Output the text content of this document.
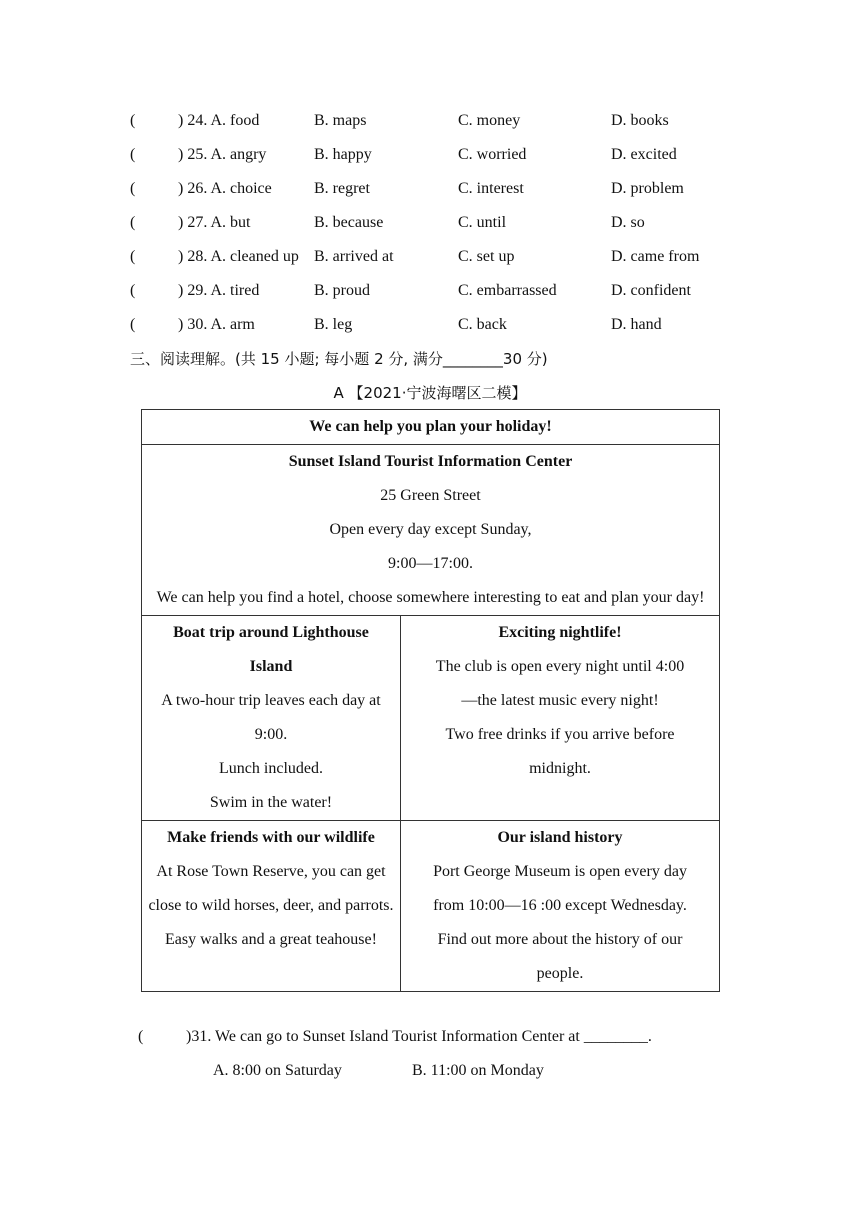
(	) 24. A. food	B. maps	C. money	D. books
(	) 25. A. angry	B. happy	C. worried	D. excited
(	) 26. A. choice	B. regret	C. interest	D. problem
(	) 27. A. but	B. because	C. until	D. so
(	) 28. A. cleaned up B. arrived at	C. set up	D. came from
(	) 29. A. tired	B. proud	C. embarrassed	D. confident
(	) 30. A. arm	B. leg	C. back	D. hand
三、阅读理解。(共 15 小题; 每小题 2 分, 满分________30 分)
A 【2021·宁波海曙区二模】
We can help you plan your holiday!	

Sunset Island Tourist Information Center
25 Green Street
Open every day except Sunday,
9:00—17:00.
We can help you find a hotel, choose somewhere interesting to eat and plan your day!	

Boat trip around Lighthouse Island
A two-hour trip leaves each day at 9:00.
Lunch included.
Swim in the water!	Exciting nightlife!
The club is open every night until 4:00—the latest music every night!
Two free drinks if you arrive before midnight.

Make friends with our wildlife
At Rose Town Reserve, you can get close to wild horses, deer, and parrots. Easy walks and a great teahouse!	Our island history
Port George Museum is open every day from 10:00—16 :00 except Wednesday. Find out more about the history of our people.
(	)31. We can go to Sunset Island Tourist Information Center at ________.
A. 8:00 on Saturday	B. 11:00 on Monday
